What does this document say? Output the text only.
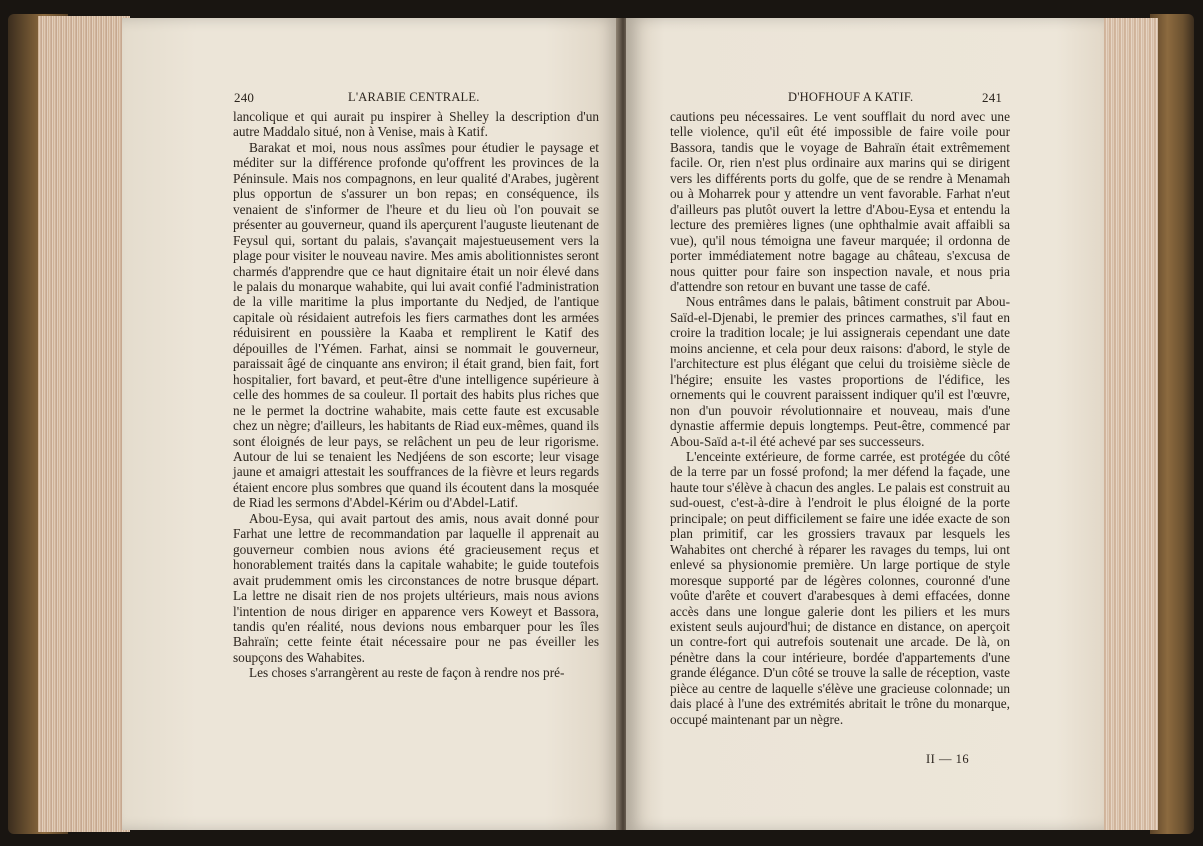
240	L'ARABIE CENTRALE.

lancolique et qui aurait pu inspirer à Shelley la description d'un autre Maddalo situé, non à Venise, mais à Katif.

Barakat et moi, nous nous assîmes pour étudier le paysage et méditer sur la différence profonde qu'offrent les provinces de la Péninsule. Mais nos compagnons, en leur qualité d'Arabes, jugèrent plus opportun de s'assurer un bon repas; en conséquence, ils venaient de s'informer de l'heure et du lieu où l'on pouvait se présenter au gouverneur, quand ils aperçurent l'auguste lieutenant de Feysul qui, sortant du palais, s'avançait majestueusement vers la plage pour visiter le nouveau navire. Mes amis abolitionnistes seront charmés d'apprendre que ce haut dignitaire était un noir élevé dans le palais du monarque wahabite, qui lui avait confié l'administration de la ville maritime la plus importante du Nedjed, de l'antique capitale où résidaient autrefois les fiers carmathes dont les armées réduisirent en poussière la Kaaba et remplirent le Katif des dépouilles de l'Yémen. Farhat, ainsi se nommait le gouverneur, paraissait âgé de cinquante ans environ; il était grand, bien fait, fort hospitalier, fort bavard, et peut-être d'une intelligence supérieure à celle des hommes de sa couleur. Il portait des habits plus riches que ne le permet la doctrine wahabite, mais cette faute est excusable chez un nègre; d'ailleurs, les habitants de Riad eux-mêmes, quand ils sont éloignés de leur pays, se relâchent un peu de leur rigorisme. Autour de lui se tenaient les Nedjéens de son escorte; leur visage jaune et amaigri attestait les souffrances de la fièvre et leurs regards étaient encore plus sombres que quand ils écoutent dans la mosquée de Riad les sermons d'Abdel-Kérim ou d'Abdel-Latif.

Abou-Eysa, qui avait partout des amis, nous avait donné pour Farhat une lettre de recommandation par laquelle il apprenait au gouverneur combien nous avions été gracieusement reçus et honorablement traités dans la capitale wahabite; le guide toutefois avait prudemment omis les circonstances de notre brusque départ. La lettre ne disait rien de nos projets ultérieurs, mais nous avions l'intention de nous diriger en apparence vers Koweyt et Bassora, tandis qu'en réalité, nous devions nous embarquer pour les îles Bahraïn; cette feinte était nécessaire pour ne pas éveiller les soupçons des Wahabites.

Les choses s'arrangèrent au reste de façon à rendre nos pré-

D'HOFHOUF A KATIF.	241

cautions peu nécessaires. Le vent soufflait du nord avec une telle violence, qu'il eût été impossible de faire voile pour Bassora, tandis que le voyage de Bahraïn était extrêmement facile. Or, rien n'est plus ordinaire aux marins qui se dirigent vers les différents ports du golfe, que de se rendre à Menamah ou à Moharrek pour y attendre un vent favorable. Farhat n'eut d'ailleurs pas plutôt ouvert la lettre d'Abou-Eysa et entendu la lecture des premières lignes (une ophthalmie avait affaibli sa vue), qu'il nous témoigna une faveur marquée; il ordonna de porter immédiatement notre bagage au château, s'excusa de nous quitter pour faire son inspection navale, et nous pria d'attendre son retour en buvant une tasse de café.

Nous entrâmes dans le palais, bâtiment construit par Abou-Saïd-el-Djenabi, le premier des princes carmathes, s'il faut en croire la tradition locale; je lui assignerais cependant une date moins ancienne, et cela pour deux raisons: d'abord, le style de l'architecture est plus élégant que celui du troisième siècle de l'hégire; ensuite les vastes proportions de l'édifice, les ornements qui le couvrent paraissent indiquer qu'il est l'œuvre, non d'un pouvoir révolutionnaire et nouveau, mais d'une dynastie affermie depuis longtemps. Peut-être, commencé par Abou-Saïd a-t-il été achevé par ses successeurs.

L'enceinte extérieure, de forme carrée, est protégée du côté de la terre par un fossé profond; la mer défend la façade, une haute tour s'élève à chacun des angles. Le palais est construit au sud-ouest, c'est-à-dire à l'endroit le plus éloigné de la porte principale; on peut difficilement se faire une idée exacte de son plan primitif, car les grossiers travaux par lesquels les Wahabites ont cherché à réparer les ravages du temps, lui ont enlevé sa physionomie première. Un large portique de style moresque supporté par de légères colonnes, couronné d'une voûte d'arête et couvert d'arabesques à demi effacées, donne accès dans une longue galerie dont les piliers et les murs existent seuls aujourd'hui; de distance en distance, on aperçoit un contre-fort qui autrefois soutenait une arcade. De là, on pénètre dans la cour intérieure, bordée d'appartements d'une grande élégance. D'un côté se trouve la salle de réception, vaste pièce au centre de laquelle s'élève une gracieuse colonnade; un dais placé à l'une des extrémités abritait le trône du monarque, occupé maintenant par un nègre.

II — 16
